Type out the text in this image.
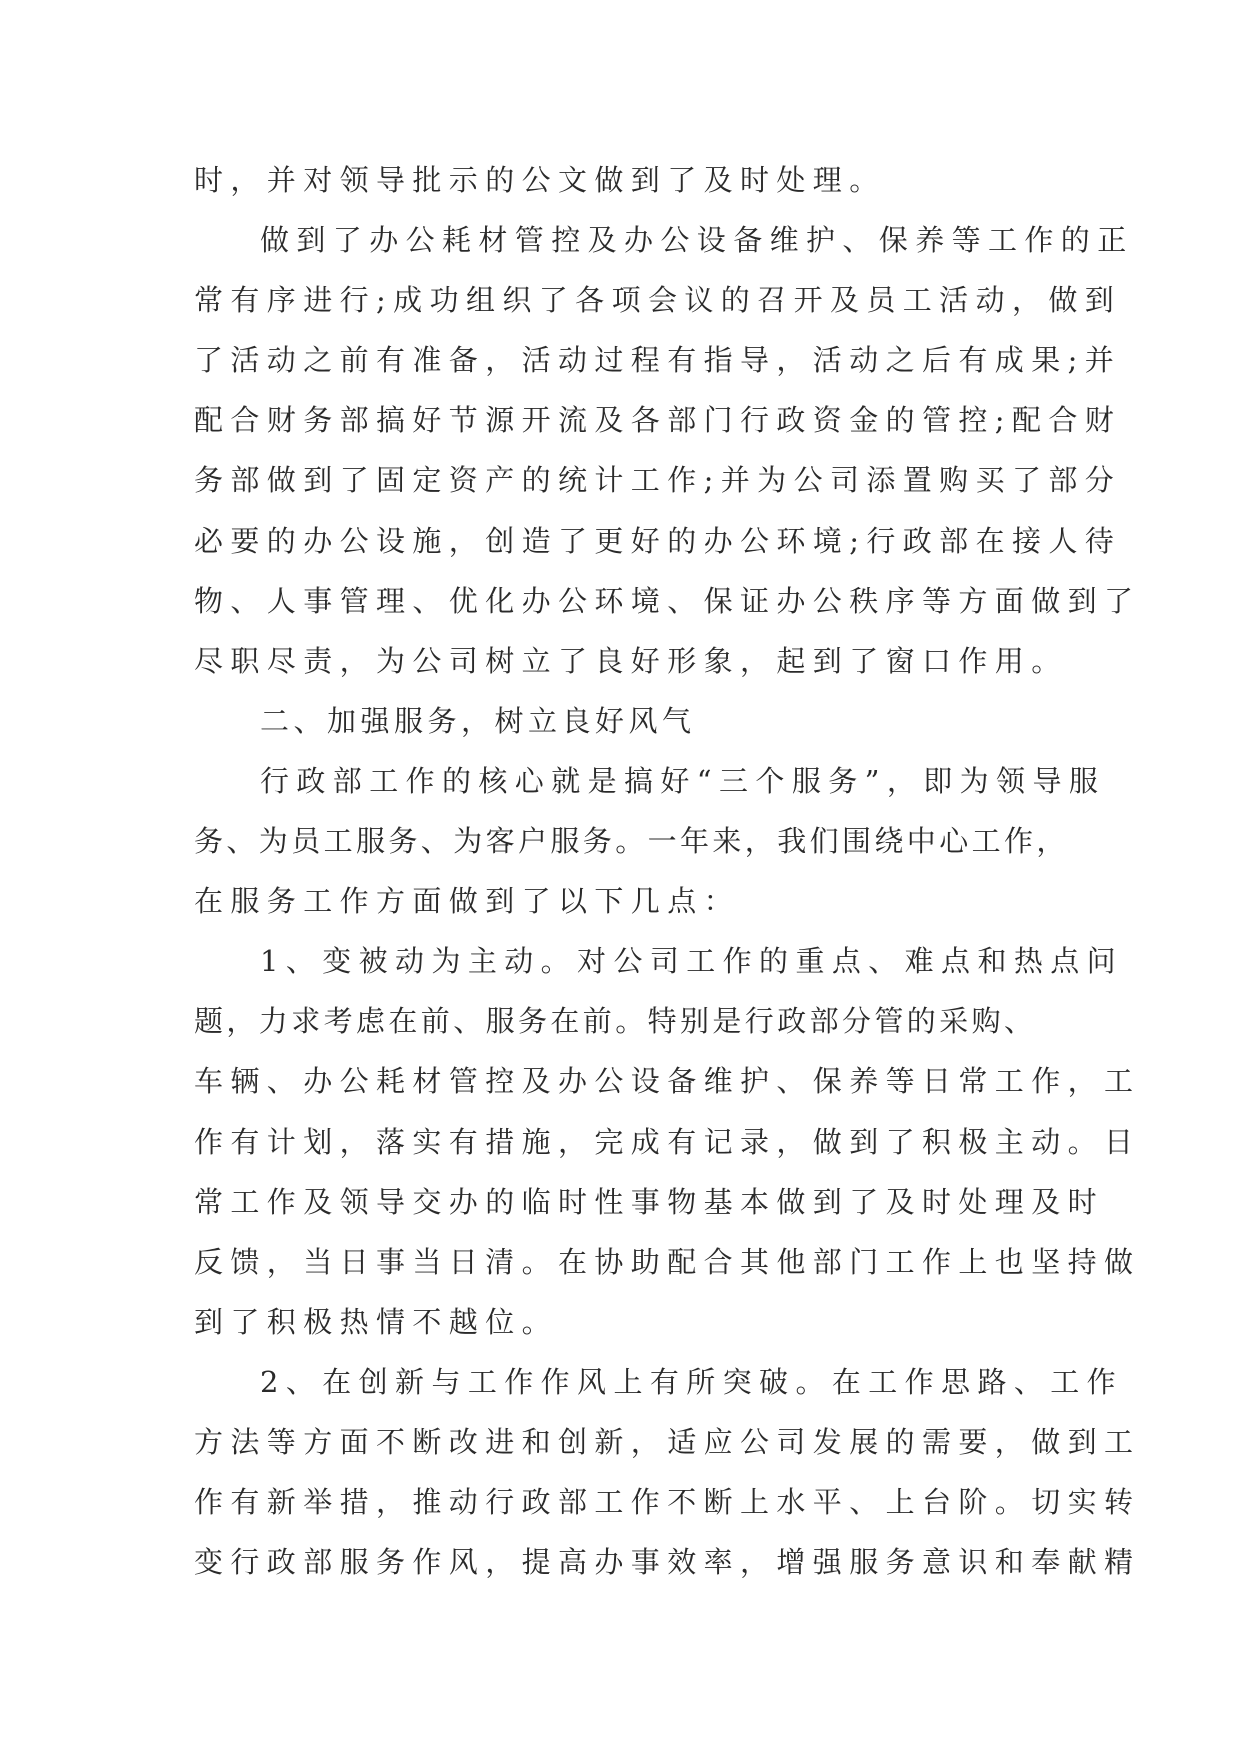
时，并对领导批示的公文做到了及时处理。
做到了办公耗材管控及办公设备维护、保养等工作的正
常有序进行;成功组织了各项会议的召开及员工活动，做到
了活动之前有准备，活动过程有指导，活动之后有成果;并
配合财务部搞好节源开流及各部门行政资金的管控;配合财
务部做到了固定资产的统计工作;并为公司添置购买了部分
必要的办公设施，创造了更好的办公环境;行政部在接人待
物、人事管理、优化办公环境、保证办公秩序等方面做到了
尽职尽责，为公司树立了良好形象，起到了窗口作用。
二、加强服务，树立良好风气
行政部工作的核心就是搞好“三个服务”，即为领导服
务、为员工服务、为客户服务。一年来，我们围绕中心工作，
在服务工作方面做到了以下几点：
1、变被动为主动。对公司工作的重点、难点和热点问
题，力求考虑在前、服务在前。特别是行政部分管的采购、
车辆、办公耗材管控及办公设备维护、保养等日常工作，工
作有计划，落实有措施，完成有记录，做到了积极主动。日
常工作及领导交办的临时性事物基本做到了及时处理及时
反馈，当日事当日清。在协助配合其他部门工作上也坚持做
到了积极热情不越位。
2、在创新与工作作风上有所突破。在工作思路、工作
方法等方面不断改进和创新，适应公司发展的需要，做到工
作有新举措，推动行政部工作不断上水平、上台阶。切实转
变行政部服务作风，提高办事效率，增强服务意识和奉献精
